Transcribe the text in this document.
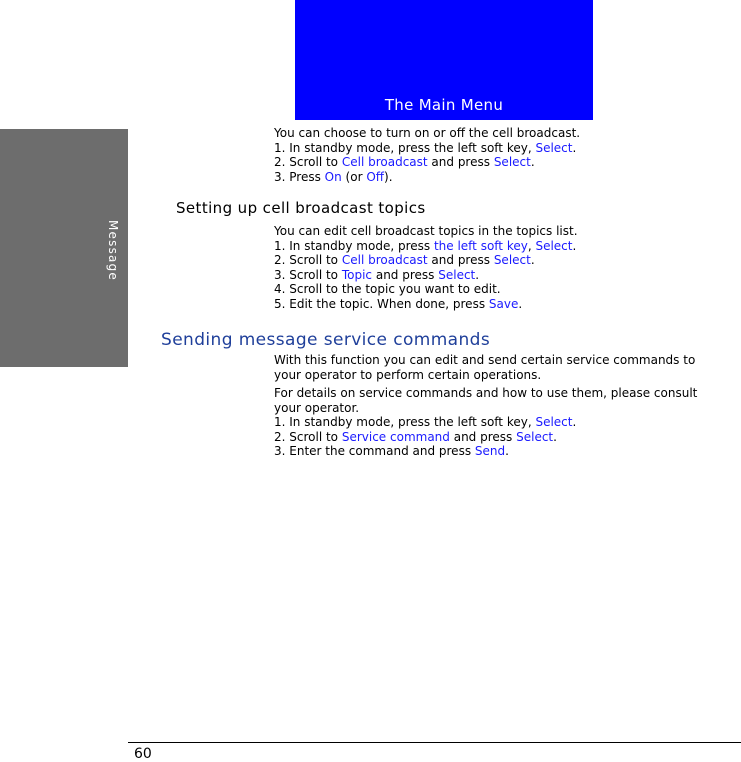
The Main Menu
Message

You can choose to turn on or off the cell broadcast.

1. In standby mode, press the left soft key, Select.

2. Scroll to Cell broadcast and press Select.

3. Press On (or Off).

Setting up cell broadcast topics

You can edit cell broadcast topics in the topics list.

1. In standby mode, press the left soft key, Select.

2. Scroll to Cell broadcast and press Select.

3. Scroll to Topic and press Select.

4. Scroll to the topic you want to edit.

5. Edit the topic. When done, press Save.

Sending message service commands

With this function you can edit and send certain service commands to your operator to perform certain operations.

For details on service commands and how to use them, please consult your operator.

1. In standby mode, press the left soft key, Select.

2. Scroll to Service command and press Select.

3. Enter the command and press Send.

60
